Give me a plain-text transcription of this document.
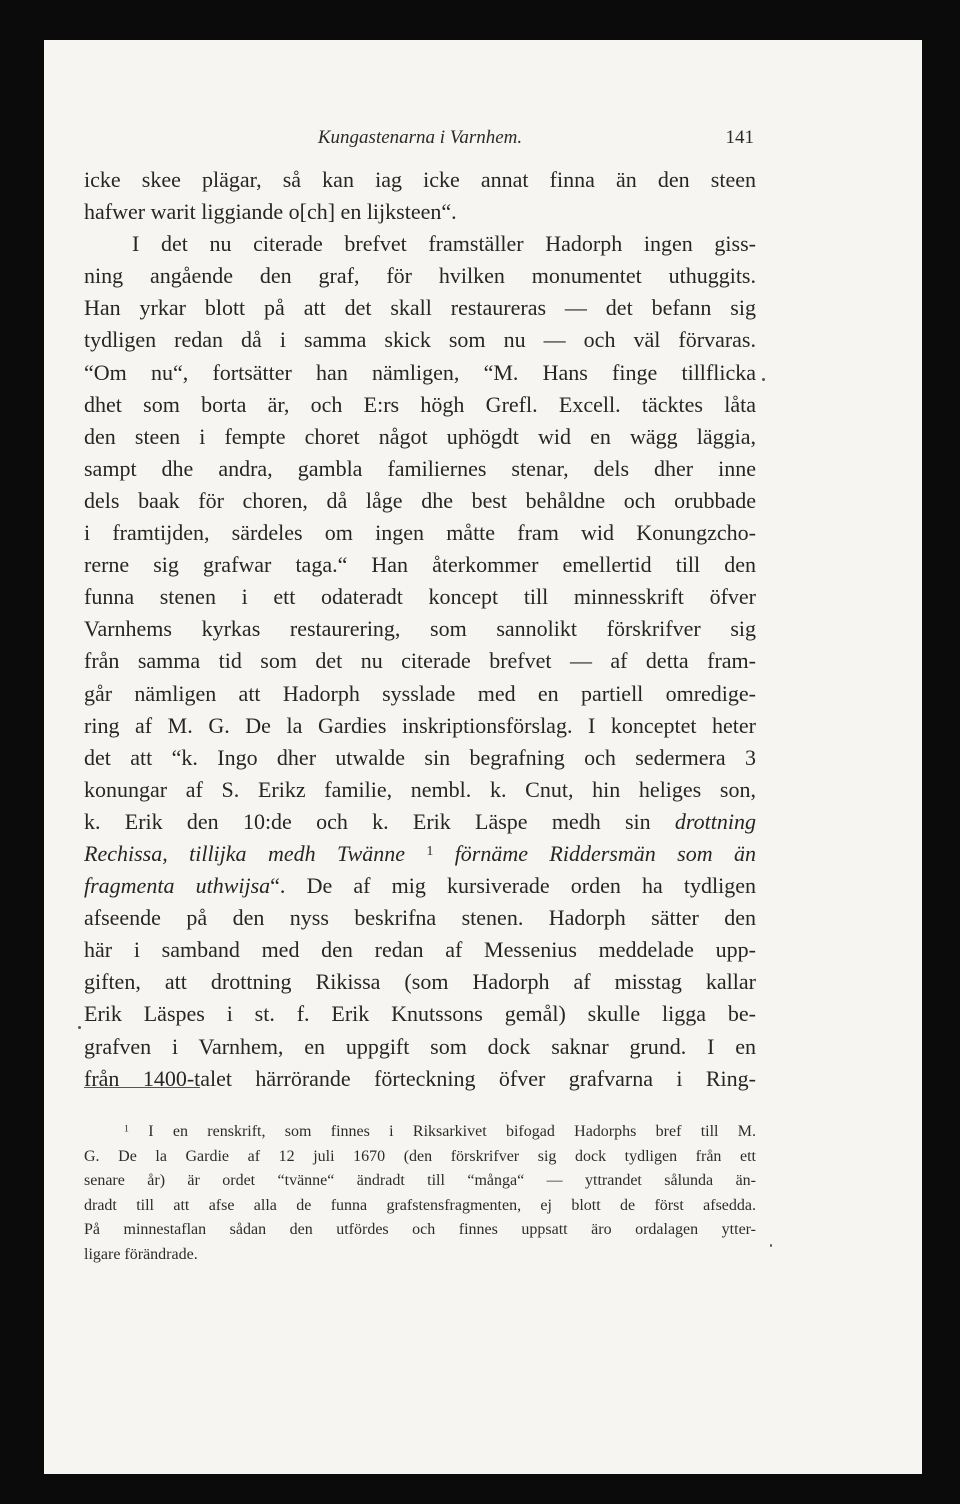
Kungastenarna i Varnhem.	141
icke skee plägar, så kan iag icke annat finna än den steen
hafwer warit liggiande o[ch] en lijksteen“.
I det nu citerade brefvet framställer Hadorph ingen giss-
ning angående den graf, för hvilken monumentet uthuggits.
Han yrkar blott på att det skall restaureras — det befann sig
tydligen redan då i samma skick som nu — och väl förvaras.
“Om nu“, fortsätter han nämligen, “M. Hans finge tillflicka
dhet som borta är, och E:rs högh Grefl. Excell. täcktes låta
den steen i fempte choret något uphögdt wid en wägg läggia,
sampt dhe andra, gambla familiernes stenar, dels dher inne
dels baak för choren, då låge dhe best behåldne och orubbade
i framtijden, särdeles om ingen måtte fram wid Konungzcho-
rerne sig grafwar taga.“ Han återkommer emellertid till den
funna stenen i ett odateradt koncept till minnesskrift öfver
Varnhems kyrkas restaurering, som sannolikt förskrifver sig
från samma tid som det nu citerade brefvet — af detta fram-
går nämligen att Hadorph sysslade med en partiell omredige-
ring af M. G. De la Gardies inskriptionsförslag. I konceptet heter
det att “k. Ingo dher utwalde sin begrafning och sedermera 3
konungar af S. Erikz familie, nembl. k. Cnut, hin heliges son,
k. Erik den 10:de och k. Erik Läspe medh sin drottning
Rechissa, tillijka medh Twänne $^1$ förnäme Riddersmän som än
fragmenta uthwijsa“. De af mig kursiverade orden ha tydligen
afseende på den nyss beskrifna stenen. Hadorph sätter den
här i samband med den redan af Messenius meddelade upp-
giften, att drottning Rikissa (som Hadorph af misstag kallar
Erik Läspes i st. f. Erik Knutssons gemål) skulle ligga be-
grafven i Varnhem, en uppgift som dock saknar grund. I en
från 1400-talet härrörande förteckning öfver grafvarna i Ring-
$^1$ I en renskrift, som finnes i Riksarkivet bifogad Hadorphs bref till M.
G. De la Gardie af 12 juli 1670 (den förskrifver sig dock tydligen från ett
senare år) är ordet “tvänne“ ändradt till “många“ — yttrandet sålunda än-
dradt till att afse alla de funna grafstensfragmenten, ej blott de först afsedda.
På minnestaflan sådan den utfördes och finnes uppsatt äro ordalagen ytter-
ligare förändrade.
